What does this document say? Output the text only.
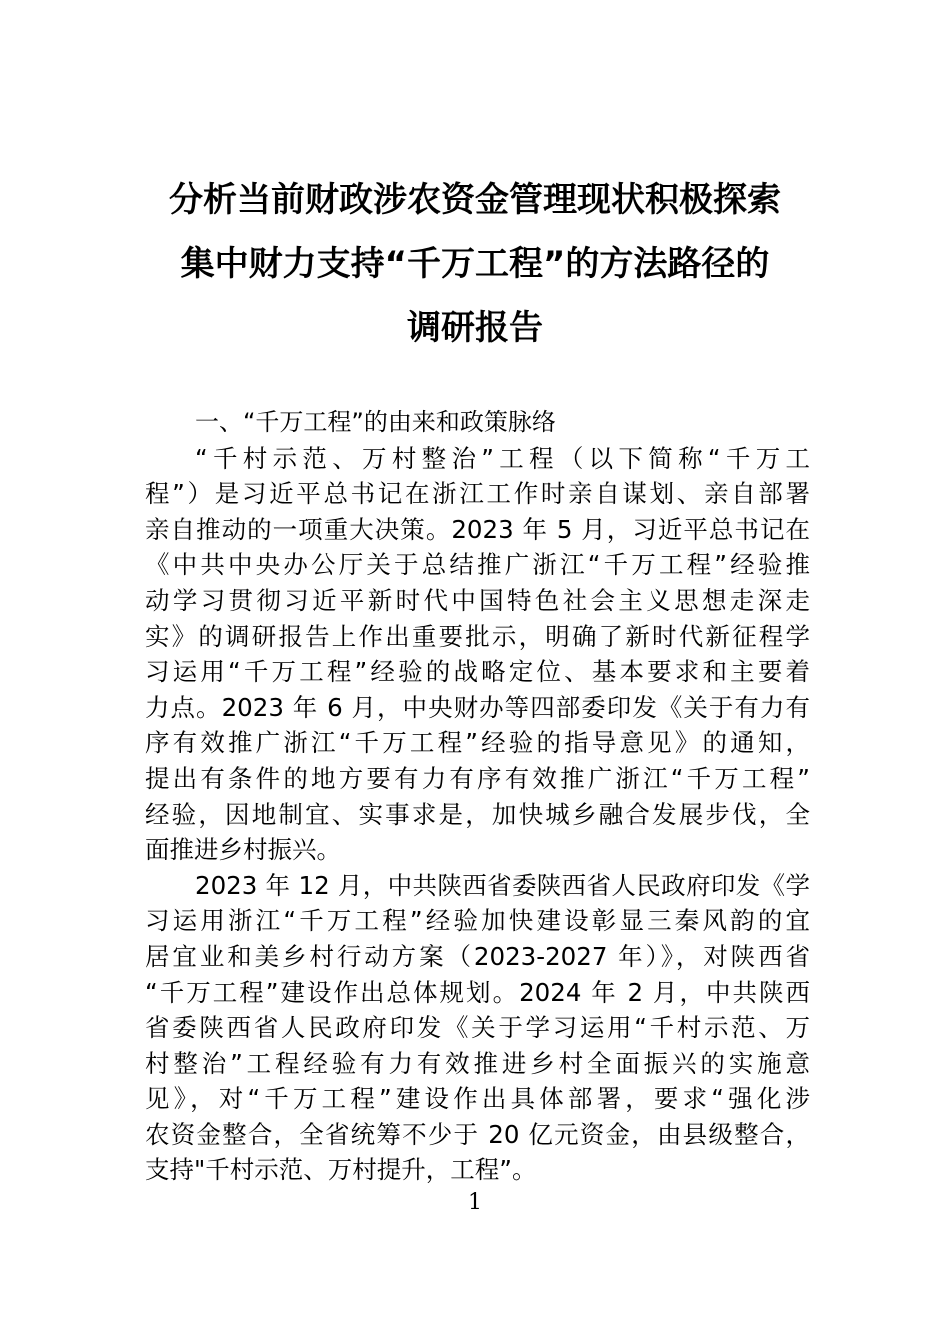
分析当前财政涉农资金管理现状积极探索
集中财力支持“千万工程”的方法路径的
调研报告
一、“千万工程”的由来和政策脉络
“千村示范、万村整治”工程（以下简称“千万工
程”）是习近平总书记在浙江工作时亲自谋划、亲自部署
亲自推动的一项重大决策。2023 年 5 月，习近平总书记在
《中共中央办公厅关于总结推广浙江“千万工程”经验推
动学习贯彻习近平新时代中国特色社会主义思想走深走
实》的调研报告上作出重要批示，明确了新时代新征程学
习运用“千万工程”经验的战略定位、基本要求和主要着
力点。2023 年 6 月，中央财办等四部委印发《关于有力有
序有效推广浙江“千万工程”经验的指导意见》的通知，
提出有条件的地方要有力有序有效推广浙江“千万工程”
经验，因地制宜、实事求是，加快城乡融合发展步伐，全
面推进乡村振兴。
2023 年 12 月，中共陕西省委陕西省人民政府印发《学
习运用浙江“千万工程”经验加快建设彰显三秦风韵的宜
居宜业和美乡村行动方案（2023-2027 年）》，对陕西省
“千万工程”建设作出总体规划。2024 年 2 月，中共陕西
省委陕西省人民政府印发《关于学习运用“千村示范、万
村整治”工程经验有力有效推进乡村全面振兴的实施意
见》，对“千万工程”建设作出具体部署，要求“强化涉
农资金整合，全省统筹不少于 20 亿元资金，由县级整合，
支持"千村示范、万村提升，工程”。
1
